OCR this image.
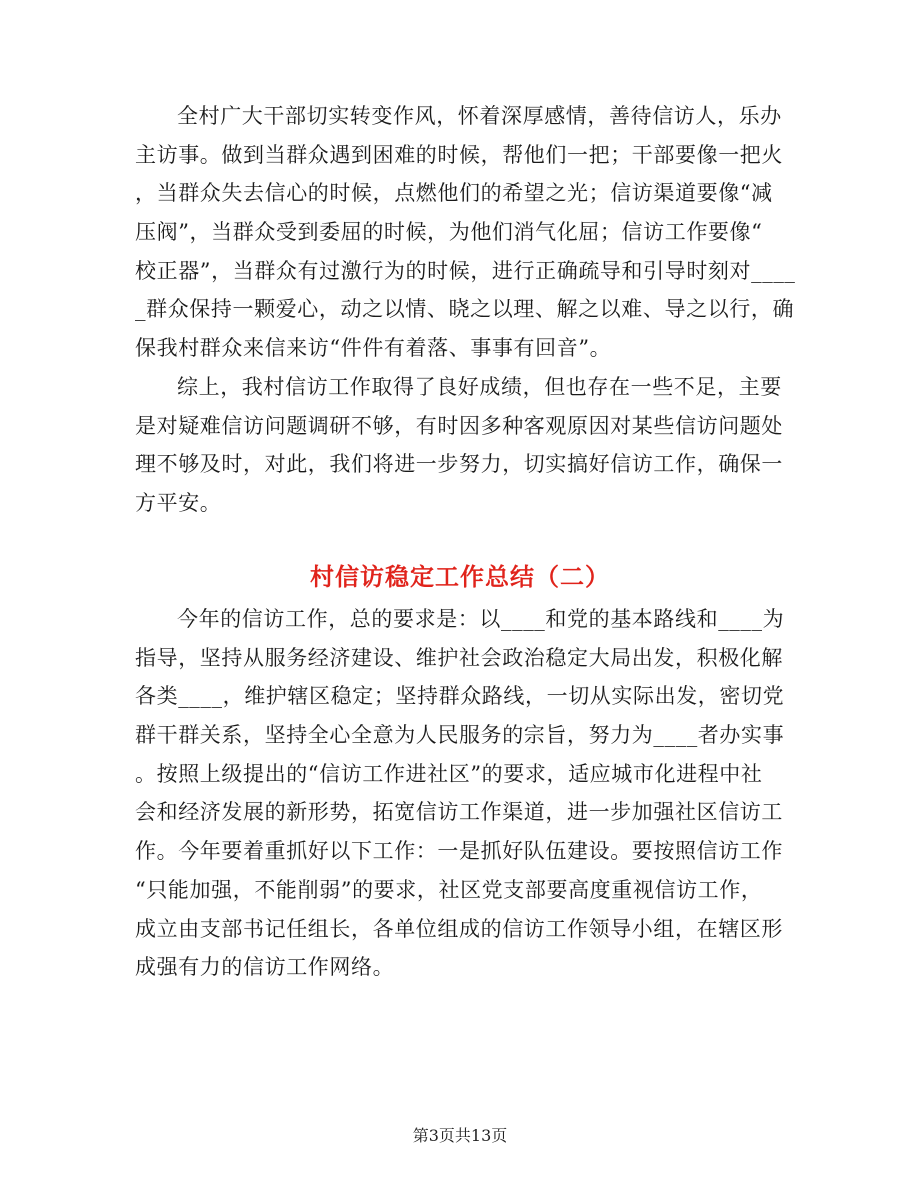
全村广大干部切实转变作风，怀着深厚感情，善待信访人，乐办
主访事。做到当群众遇到困难的时候，帮他们一把；干部要像一把火
，当群众失去信心的时候，点燃他们的希望之光；信访渠道要像“减
压阀”，当群众受到委屈的时候，为他们消气化屈；信访工作要像“
校正器”，当群众有过激行为的时候，进行正确疏导和引导时刻对____
_群众保持一颗爱心，动之以情、晓之以理、解之以难、导之以行，确
保我村群众来信来访“件件有着落、事事有回音”。
综上，我村信访工作取得了良好成绩，但也存在一些不足，主要
是对疑难信访问题调研不够，有时因多种客观原因对某些信访问题处
理不够及时，对此，我们将进一步努力，切实搞好信访工作，确保一
方平安。
村信访稳定工作总结（二）
今年的信访工作，总的要求是：以____和党的基本路线和____为
指导，坚持从服务经济建设、维护社会政治稳定大局出发，积极化解
各类____，维护辖区稳定；坚持群众路线，一切从实际出发，密切党
群干群关系，坚持全心全意为人民服务的宗旨，努力为____者办实事
。按照上级提出的“信访工作进社区”的要求，适应城市化进程中社
会和经济发展的新形势，拓宽信访工作渠道，进一步加强社区信访工
作。今年要着重抓好以下工作：一是抓好队伍建设。要按照信访工作
“只能加强，不能削弱”的要求，社区党支部要高度重视信访工作，
成立由支部书记任组长，各单位组成的信访工作领导小组，在辖区形
成强有力的信访工作网络。
第3页共13页
